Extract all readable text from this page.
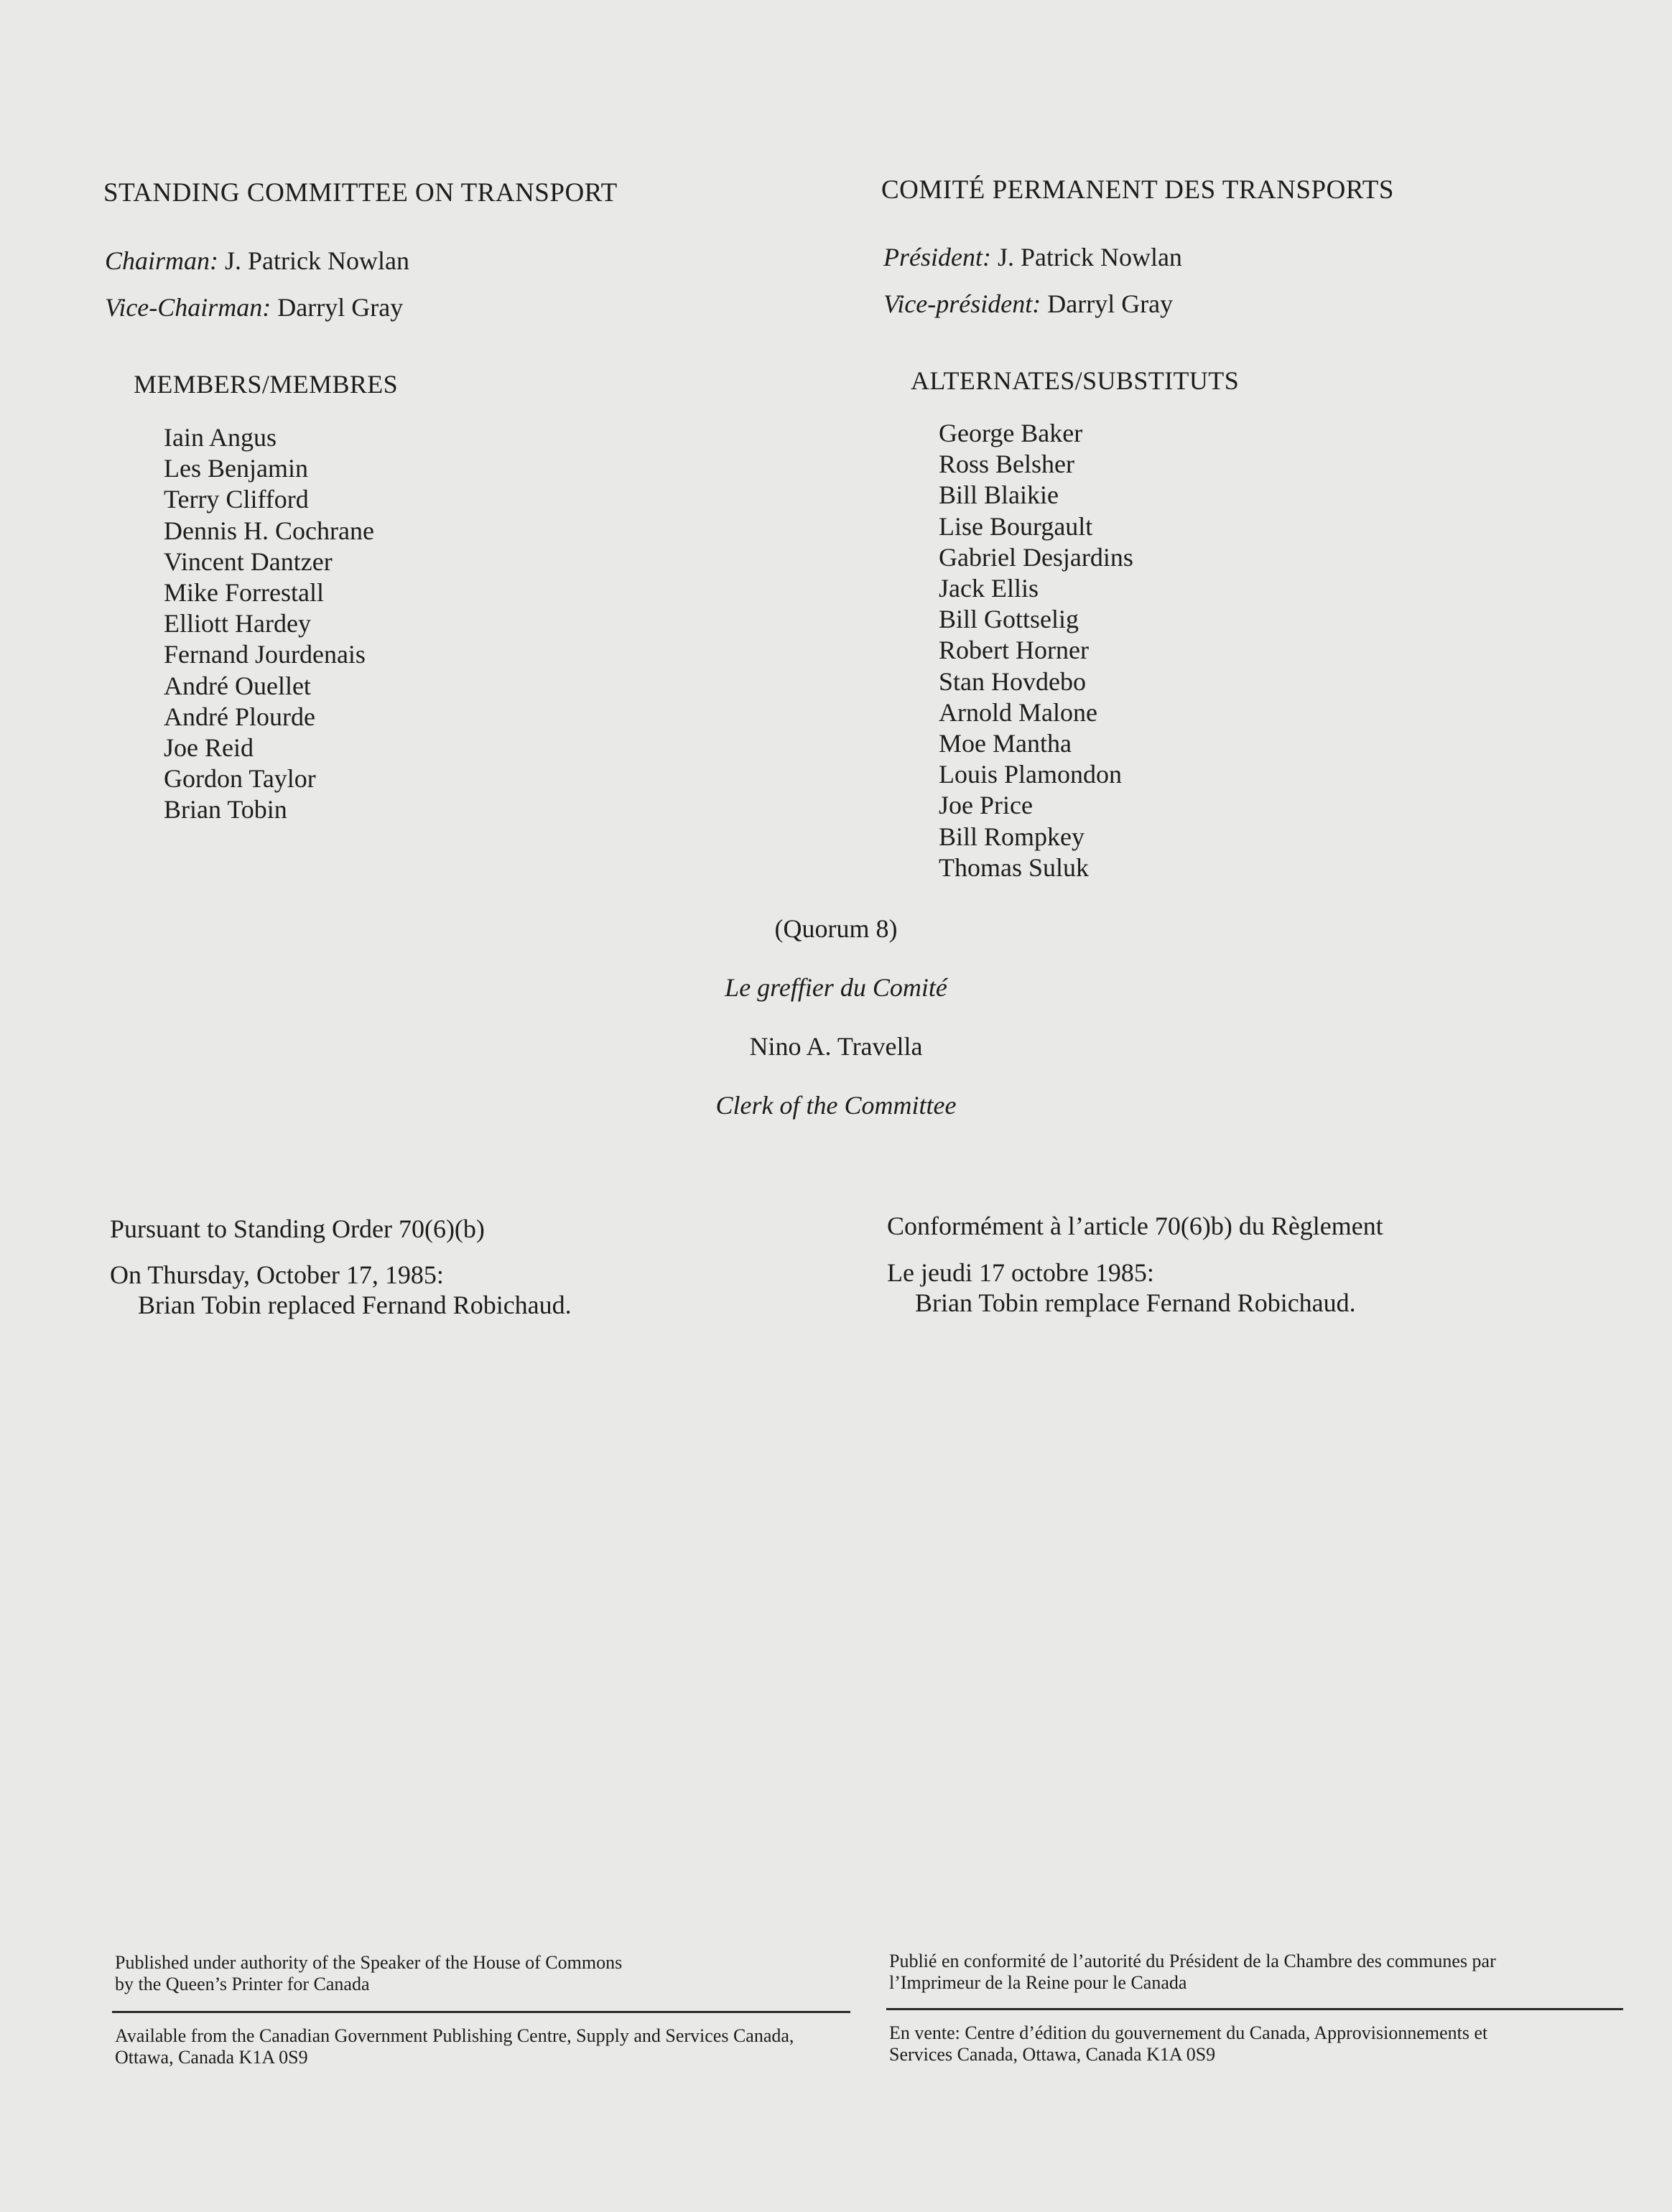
STANDING COMMITTEE ON TRANSPORT
Chairman: J. Patrick Nowlan
Vice-Chairman: Darryl Gray
MEMBERS/MEMBRES
Iain Angus
Les Benjamin
Terry Clifford
Dennis H. Cochrane
Vincent Dantzer
Mike Forrestall
Elliott Hardey
Fernand Jourdenais
André Ouellet
André Plourde
Joe Reid
Gordon Taylor
Brian Tobin
COMITÉ PERMANENT DES TRANSPORTS
Président: J. Patrick Nowlan
Vice-président: Darryl Gray
ALTERNATES/SUBSTITUTS
George Baker
Ross Belsher
Bill Blaikie
Lise Bourgault
Gabriel Desjardins
Jack Ellis
Bill Gottselig
Robert Horner
Stan Hovdebo
Arnold Malone
Moe Mantha
Louis Plamondon
Joe Price
Bill Rompkey
Thomas Suluk
(Quorum 8)
Le greffier du Comité
Nino A. Travella
Clerk of the Committee
Pursuant to Standing Order 70(6)(b)
On Thursday, October 17, 1985:
Brian Tobin replaced Fernand Robichaud.
Conformément à l’article 70(6)b) du Règlement
Le jeudi 17 octobre 1985:
Brian Tobin remplace Fernand Robichaud.
Published under authority of the Speaker of the House of Commons by the Queen’s Printer for Canada
Available from the Canadian Government Publishing Centre, Supply and Services Canada, Ottawa, Canada K1A 0S9
Publié en conformité de l’autorité du Président de la Chambre des communes par l’Imprimeur de la Reine pour le Canada
En vente: Centre d’édition du gouvernement du Canada, Approvisionnements et Services Canada, Ottawa, Canada K1A 0S9
